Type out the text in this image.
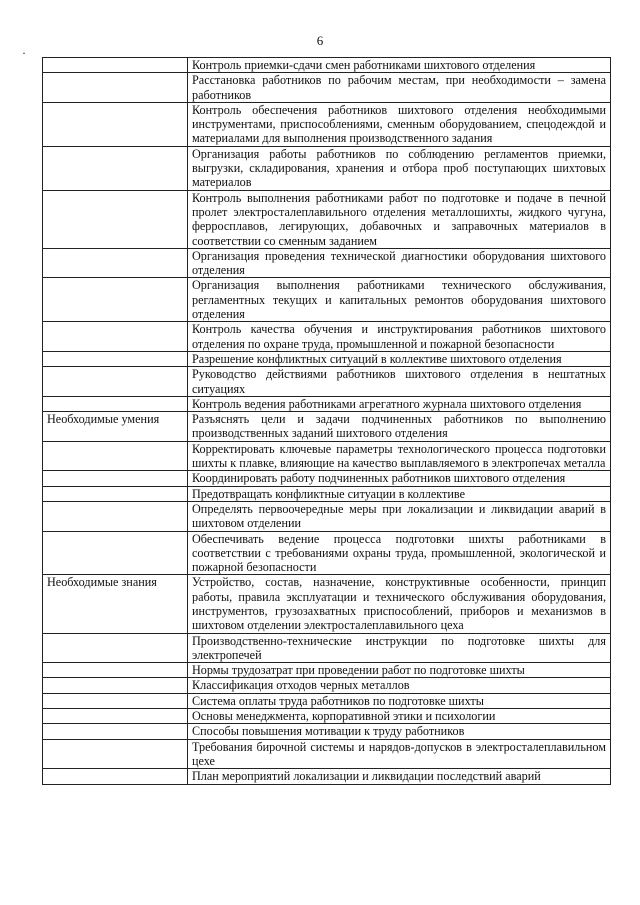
6
·
	Контроль приемки-сдачи смен работниками шихтового отделения
	Расстановка работников по рабочим местам, при необходимости – замена работников
	Контроль обеспечения работников шихтового отделения необходимыми инструментами, приспособлениями, сменным оборудованием, спецодеждой и материалами для выполнения производственного задания
	Организация работы работников по соблюдению регламентов приемки, выгрузки, складирования, хранения и отбора проб поступающих шихтовых материалов
	Контроль выполнения работниками работ по подготовке и подаче в печной пролет электросталеплавильного отделения металлошихты, жидкого чугуна, ферросплавов, легирующих, добавочных и заправочных материалов в соответствии со сменным заданием
	Организация проведения технической диагностики оборудования шихтового отделения
	Организация выполнения работниками технического обслуживания, регламентных текущих и капитальных ремонтов оборудования шихтового отделения
	Контроль качества обучения и инструктирования работников шихтового отделения по охране труда, промышленной и пожарной безопасности
	Разрешение конфликтных ситуаций в коллективе шихтового отделения
	Руководство действиями работников шихтового отделения в нештатных ситуациях
	Контроль ведения работниками агрегатного журнала шихтового отделения
Необходимые умения	Разъяснять цели и задачи подчиненных работников по выполнению производственных заданий шихтового отделения
	Корректировать ключевые параметры технологического процесса подготовки шихты к плавке, влияющие на качество выплавляемого в электропечах металла
	Координировать работу подчиненных работников шихтового отделения
	Предотвращать конфликтные ситуации в коллективе
	Определять первоочередные меры при локализации и ликвидации аварий в шихтовом отделении
	Обеспечивать ведение процесса подготовки шихты работниками в соответствии с требованиями охраны труда, промышленной, экологической и пожарной безопасности
Необходимые знания	Устройство, состав, назначение, конструктивные особенности, принцип работы, правила эксплуатации и технического обслуживания оборудования, инструментов, грузозахватных приспособлений, приборов и механизмов в шихтовом отделении электросталеплавильного цеха
	Производственно-технические инструкции по подготовке шихты для электропечей
	Нормы трудозатрат при проведении работ по подготовке шихты
	Классификация отходов черных металлов
	Система оплаты труда работников по подготовке шихты
	Основы менеджмента, корпоративной этики и психологии
	Способы повышения мотивации к труду работников
	Требования бирочной системы и нарядов-допусков в электросталеплавильном цехе
	План мероприятий локализации и ликвидации последствий аварий
